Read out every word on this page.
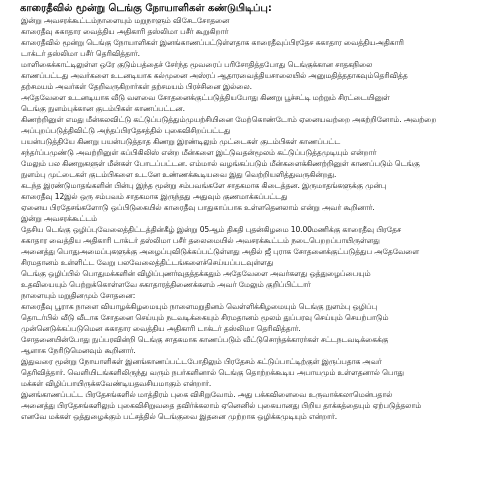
காரைதீவில் மூன்று டெங்கு நோயாளிகள் கண்டுபிடிப்பு:
இன்று அவசரக்கூட்டம்நாளையும் மறுநாளும் விசேடசோதனை
காரைதீவு சுகாதார வைத்திய அதிகாரி தஸ்லிமா பசீர் கூறுகிறார்
காரைதீவில் மூன்று டெங்கு நோயாளிகள் இனங்காணப்பட்டுள்ளதாக காரைதீவுப்பிரதேச சுகாதார வைத்தியஅதிகாரி
டாக்டர் தஸ்லிமா பசீர் தெரிவித்தார்.
மாளிகைக்காட்டிலுள்ள ஒரே குடும்பத்தைச் சேர்ந்த மூவரைப் பரிசோதித்தபோது டெங்குக்கான சாதகநிலை
காணப்பட்டது அவர்களை உடனடியாக கல்முனை அஸ்ரப் ஆதாரவைத்தியசாலையில் அனுமதித்ததாகவும்தெரிவித்த
தற்சமயம் அவர்கள் தேறிவருகிறார்கள் தற்சமயம் பிரச்சினை இல்லை.
அதேவேளை உடனடியாக வீடு வளவை சோதனைக்குட்படுத்தியபோது கிணறு பூச்சட்டி மற்றும் சிரட்டையினுள்
டெங்கு நுளம்புக்கான குடம்பிகள் காணப்பட்டன.
கிணற்றினுள் எமது மீன்கலவிட்டு கட்டுப்படுத்தும்முயற்சியினை மேற்கொண்டோம் ஏனையவற்றை அகற்றினோம். அவற்றை
அப்புறப்படுத்திவிட்டு அந்தப்பிரதேசத்தில் புகைவிசிறப்பட்டது
பயன்படுத்தியே கிணறு பயன்படுத்தாத கிணறு இரண்டிலும் முட்டைகள் குடம்பிகள் காணப்பட்ட
சந்தர்ப்பமுண்டு அவற்றினுள் கப்பிகிலிஸ் என்ற மீன்களை இட்டுவதன்மூலம் கட்டுப்படுத்தமுடியும் என்றார்
மேலும் பல கிணறுகளுள் மீன்கள் போடப்பட்டன. எம்மால் வழங்கப்படும் மீன்களைக்கிணற்றினுள் காணப்படும் டெங்கு
நுளம்பு முட்டைகள் குடம்பிகளை உடனே உண்ணக்கூடியவை இது வெற்றியளித்துவருகின்றது.
கடந்த இரண்டுமாதங்களின் பின்பு இந்த மூன்று சம்பவங்களே சாதகமாக கிடைத்தன. இருமாதங்களுக்கு முன்பு
காரைதீவு 12இல் ஒரு சம்பவம் சாதகமாக இருந்தது அதுவும் குணமாக்கப்பட்டது
ஏனைய பிரதேசங்களோடு ஒப்பிடுகையில் காரைதீவு பாதுகாப்பாக உள்ளதெனலாம் என்று அவர் கூறினார்.
இன்று அவசரக்கூட்டம்
தேசிய டெங்கு ஒழிப்புவேலைத்திட்டத்தின்கீழ் இன்று 05ஆம் திகதி புதன்கிழமை 10.00மணிக்கு காரைதீவு பிரதேச
சுகாதார வைத்திய அதிகாரி டாக்டர் தஸ்லிமா பசீர் தலைமையில் அவசரக்கூட்டம் நடைபெறறப்பாயிருள்ளது
அனைத்து பொதுஅமைப்புகளுக்கு அழைப்புவிடுக்கப்பட்டுள்ளது அதில் ஜீ புராக சோதனைக்குட்படுத்துப அதேவேளை
சிரமதானம் உள்ளிட்ட வேறு பலவேலைத்திட்டங்களைச்செய்யப்படவுள்ளது
டெங்கு ஒழிப்பில் பொதுமக்களின் விழிப்புணர்வுதத்தக்கதும் அதேவேளை அவர்களது ஒத்துழைப்பையும்
உதவியையும் பெற்றுக்கொள்ளவே சுகாதாரத்திணைக்களம் அவர் மேலும் குறிப்பிட்டார்
நாளையும் மறுதினமும் சோதனை:
காரைதீவு பூராக நாளை வியாழக்கிழமையும் நாளைமறுதினம் வெள்ளிக்கிழமையும் டெங்கு நுளம்பு ஒழிப்பு
தொடர்பில் வீடு வீடாக சோதனை செய்யும் நடவடிக்கையும் சிரமதானம் மூலம் துப்பரவு செய்யும் செயற்பாடும்
முன்னெடுக்கப்படுமென சுகாதார வைத்திய அதிகாரி டாக்டர் தஸ்லிமா தெரிவித்தார்.
சோதனையின்போது நுப்பரவின்றி டெங்கு சாதகமாக காணப்படும் வீட்டுசொந்தக்காரர்கள் சட்டநடவடிக்கைக்கு
ஆளாக நேரிடுமெனவும் கூறினார்.
இதுவரை மூன்று நோயாளிகள் இனங்காணப்பட்டபோதிலும் பிரதேசம் கட்டுப்பாட்டிற்குள் இருப்பதாக அவர்
தெரிவித்தார். வெளியிடங்களிலிருந்து வரும் நபர்களினால் டெங்கு தொற்றக்கூடிய அபாயமும் உள்ளதனால் பொது
மக்கள் விழிப்பாயிருக்கவேண்டியதவசியமாகும் என்றார்.
இனங்காணப்பட்ட பிரதேசங்களில் மாத்திரம் புகை விசிறுவோம். அது பக்கவிளைவை உருவாக்கலாமென்பதால்
அனைத்து பிரதேசங்களிலும் புகைவிசிறுவதை தவிர்க்கலாம் ஏனெனில் புகையானது பிறிய தாக்கத்தையும் ஏற்படுத்தலாம்
எனவே மக்கள் ஒத்துழைக்கும் பட்சத்தில் டெங்குவை இதனை முற்றாக ஒழிக்கமுடியும் என்றார்.
